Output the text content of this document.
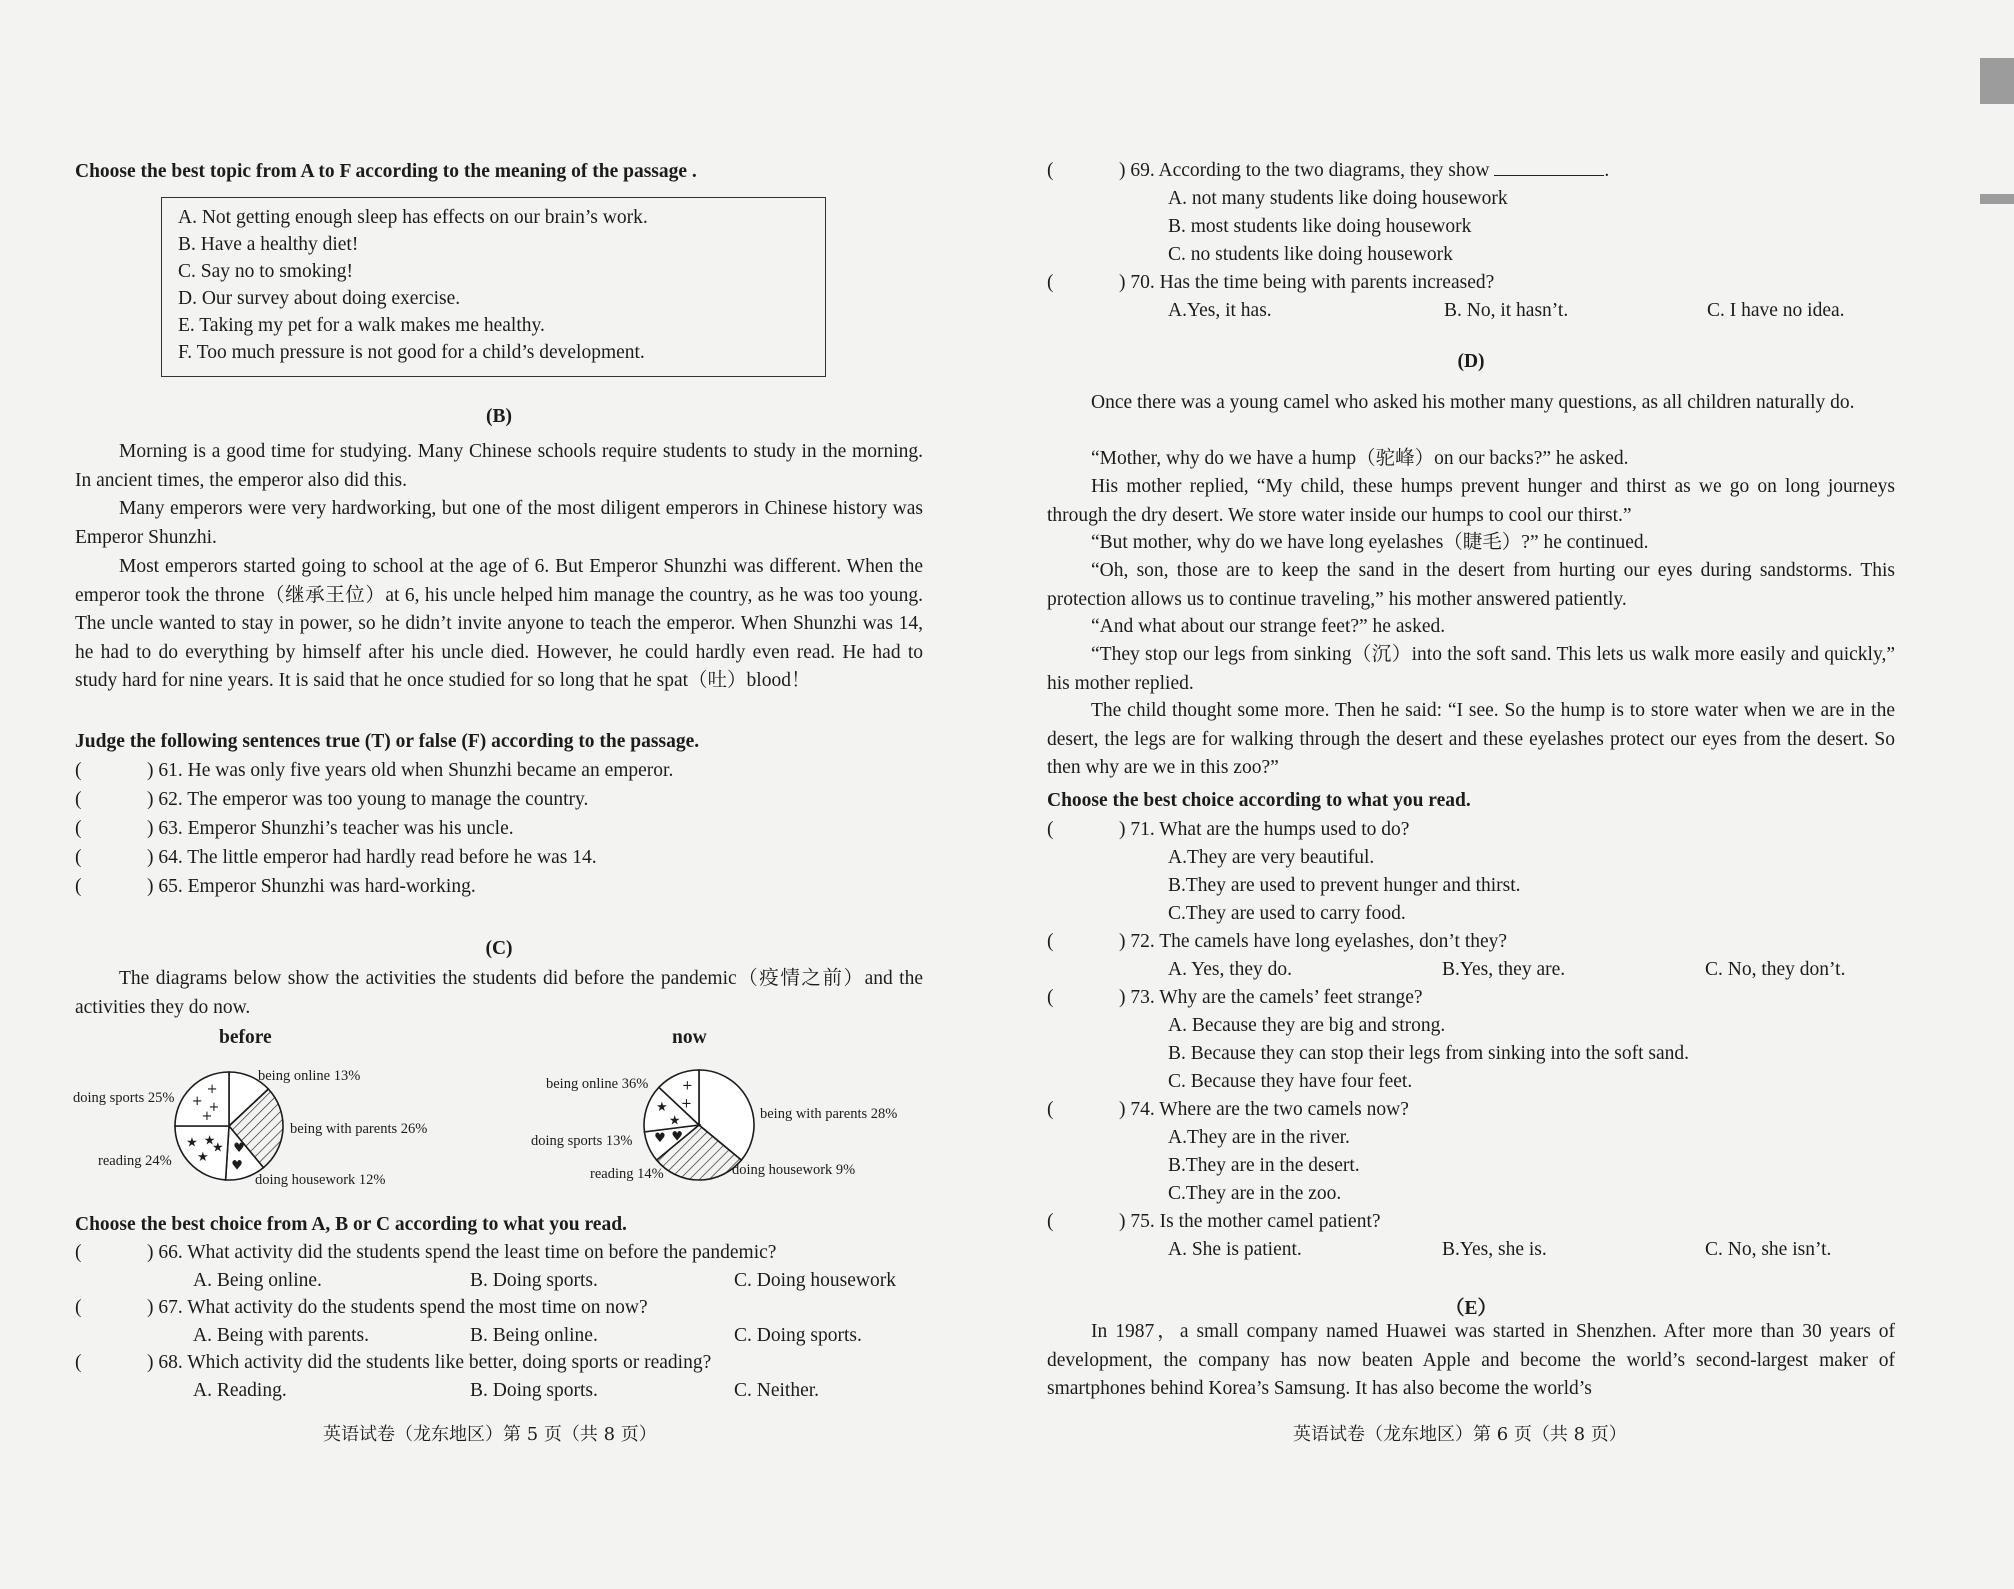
Choose the best topic from A to F according to the meaning of the passage .
A. Not getting enough sleep has effects on our brain’s work.
B. Have a healthy diet!
C. Say no to smoking!
D. Our survey about doing exercise.
E. Taking my pet for a walk makes me healthy.
F. Too much pressure is not good for a child’s development.
(B)
Morning is a good time for studying. Many Chinese schools require students to study in the morning. In ancient times, the emperor also did this.
Many emperors were very hardworking, but one of the most diligent emperors in Chinese history was Emperor Shunzhi.
Most emperors started going to school at the age of 6. But Emperor Shunzhi was different. When the emperor took the throne（继承王位）at 6, his uncle helped him manage the country, as he was too young. The uncle wanted to stay in power, so he didn’t invite anyone to teach the emperor. When Shunzhi was 14, he had to do everything by himself after his uncle died. However, he could hardly even read. He had to study hard for nine years. It is said that he once studied for so long that he spat（吐）blood！
Judge the following sentences true (T) or false (F) according to the passage.
(	) 61. He was only five years old when Shunzhi became an emperor.
(	) 62. The emperor was too young to manage the country.
(	) 63. Emperor Shunzhi’s teacher was his uncle.
(	) 64. The little emperor had hardly read before he was 14.
(	) 65. Emperor Shunzhi was hard-working.
(C)
The diagrams below show the activities the students did before the pandemic（疫情之前）and the activities they do now.
before
♥
♥
★
★
★
★
+
+ +
+
being online 13%
being with parents 26%
doing housework 12%
reading 24%
doing sports 25%
now
♥
♥
★
★ +
+
being online 36%
being with parents 28%
doing housework 9%
reading 14%
doing sports 13%
Choose the best choice from A, B or C according to what you read.
(	) 66. What activity did the students spend the least time on before the pandemic?
A. Being online.	B. Doing sports.	C. Doing housework
(	) 67. What activity do the students spend the most time on now?
A. Being with parents.	B. Being online.	C. Doing sports.
(	) 68. Which activity did the students like better, doing sports or reading?
A. Reading.	B. Doing sports.	C. Neither.
英语试卷（龙东地区）第 5 页（共 8 页）
(	) 69. According to the two diagrams, they show	.
A. not many students like doing housework
B. most students like doing housework
C. no students like doing housework
(	) 70. Has the time being with parents increased?
A.Yes, it has.	B. No, it hasn’t.	C. I have no idea.
(D)
Once there was a young camel who asked his mother many questions, as all children naturally do.
“Mother, why do we have a hump（驼峰）on our backs?” he asked.
His mother replied, “My child, these humps prevent hunger and thirst as we go on long journeys through the dry desert. We store water inside our humps to cool our thirst.”
“But mother, why do we have long eyelashes（睫毛）?” he continued.
“Oh, son, those are to keep the sand in the desert from hurting our eyes during sandstorms. This protection allows us to continue traveling,” his mother answered patiently.
“And what about our strange feet?” he asked.
“They stop our legs from sinking（沉）into the soft sand. This lets us walk more easily and quickly,” his mother replied.
The child thought some more. Then he said: “I see. So the hump is to store water when we are in the desert, the legs are for walking through the desert and these eyelashes protect our eyes from the desert. So then why are we in this zoo?”
Choose the best choice according to what you read.
(	) 71. What are the humps used to do?
A.They are very beautiful.
B.They are used to prevent hunger and thirst.
C.They are used to carry food.
(	) 72. The camels have long eyelashes, don’t they?
A. Yes, they do.	B.Yes, they are.	C. No, they don’t.
(	) 73. Why are the camels’ feet strange?
A. Because they are big and strong.
B. Because they can stop their legs from sinking into the soft sand.
C. Because they have four feet.
(	) 74. Where are the two camels now?
A.They are in the river.
B.They are in the desert.
C.They are in the zoo.
(	) 75. Is the mother camel patient?
A. She is patient.	B.Yes, she is.	C. No, she isn’t.
（E）
In 1987，a small company named Huawei was started in Shenzhen. After more than 30 years of development, the company has now beaten Apple and become the world’s second-largest maker of smartphones behind Korea’s Samsung. It has also become the world’s
英语试卷（龙东地区）第 6 页（共 8 页）
